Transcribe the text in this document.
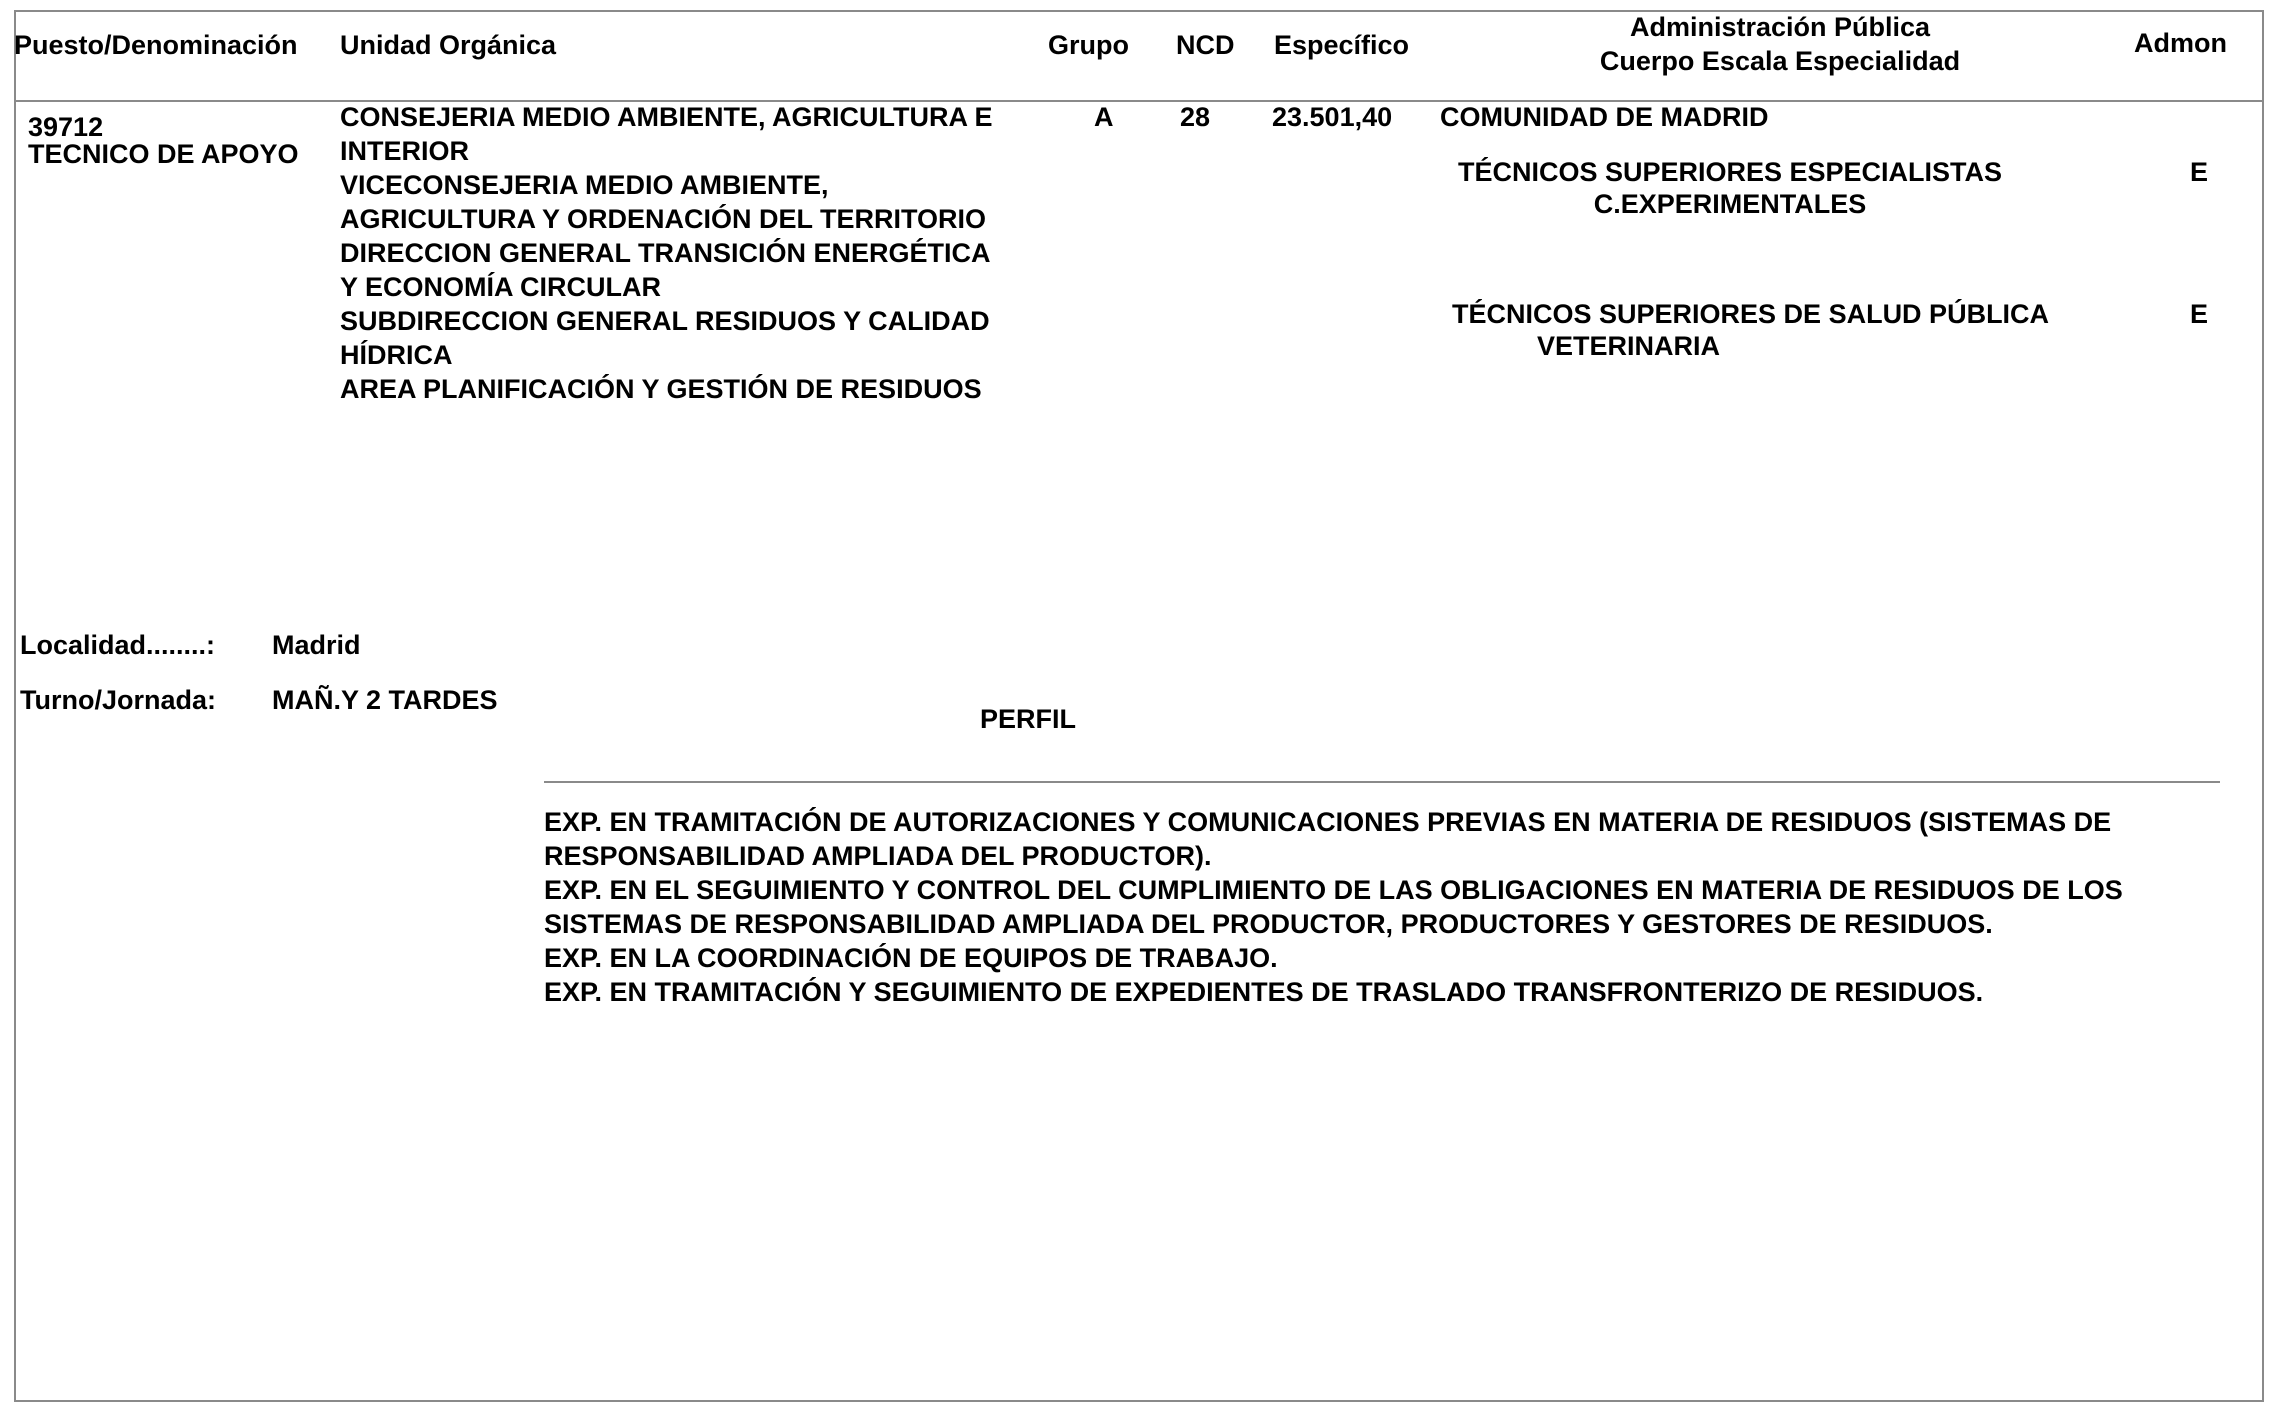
Puesto/Denominación Unidad Orgánica	Grupo NCD Específico
Administración Pública
Cuerpo Escala Especialidad
Admon
39712
TECNICO DE APOYO
CONSEJERIA MEDIO AMBIENTE, AGRICULTURA E
INTERIOR
VICECONSEJERIA MEDIO AMBIENTE,
AGRICULTURA Y ORDENACIÓN DEL TERRITORIO
DIRECCION GENERAL TRANSICIÓN ENERGÉTICA
Y ECONOMÍA CIRCULAR
SUBDIRECCION GENERAL RESIDUOS Y CALIDAD
HÍDRICA
AREA PLANIFICACIÓN Y GESTIÓN DE RESIDUOS
A 28 23.501,40 COMUNIDAD DE MADRID
TÉCNICOS SUPERIORES ESPECIALISTAS
C.EXPERIMENTALES
E
TÉCNICOS SUPERIORES DE SALUD PÚBLICA
VETERINARIA
E
Localidad........: Madrid
Turno/Jornada: MAÑ.Y 2 TARDES
PERFIL
EXP. EN TRAMITACIÓN DE AUTORIZACIONES Y COMUNICACIONES PREVIAS EN MATERIA DE RESIDUOS (SISTEMAS DE
RESPONSABILIDAD AMPLIADA DEL PRODUCTOR).
EXP. EN EL SEGUIMIENTO Y CONTROL DEL CUMPLIMIENTO DE LAS OBLIGACIONES EN MATERIA DE RESIDUOS DE LOS
SISTEMAS DE RESPONSABILIDAD AMPLIADA DEL PRODUCTOR, PRODUCTORES Y GESTORES DE RESIDUOS.
EXP. EN LA COORDINACIÓN DE EQUIPOS DE TRABAJO.
EXP. EN TRAMITACIÓN Y SEGUIMIENTO DE EXPEDIENTES DE TRASLADO TRANSFRONTERIZO DE RESIDUOS.
